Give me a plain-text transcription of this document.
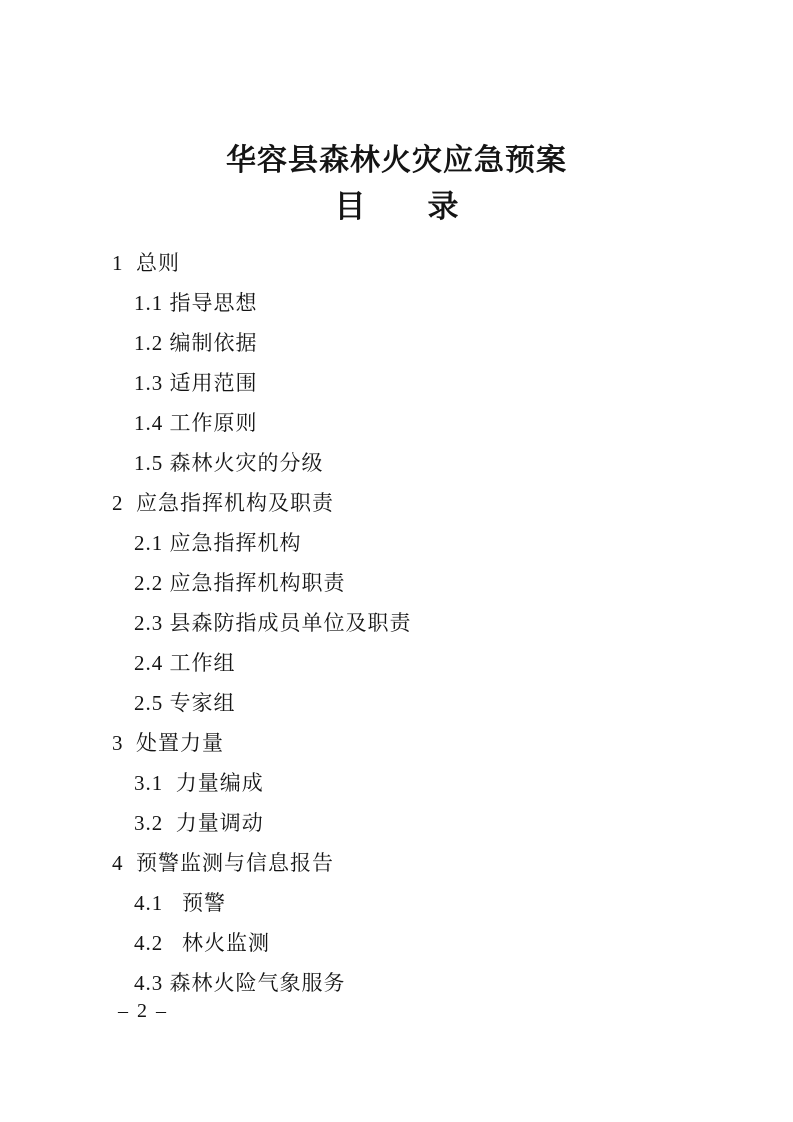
华容县森林火灾应急预案
目　　录
1  总则
1.1 指导思想
1.2 编制依据
1.3 适用范围
1.4 工作原则
1.5 森林火灾的分级
2  应急指挥机构及职责
2.1 应急指挥机构
2.2 应急指挥机构职责
2.3 县森防指成员单位及职责
2.4 工作组
2.5 专家组
3  处置力量
3.1  力量编成
3.2  力量调动
4  预警监测与信息报告
4.1   预警
4.2   林火监测
4.3 森林火险气象服务
– 2 –
